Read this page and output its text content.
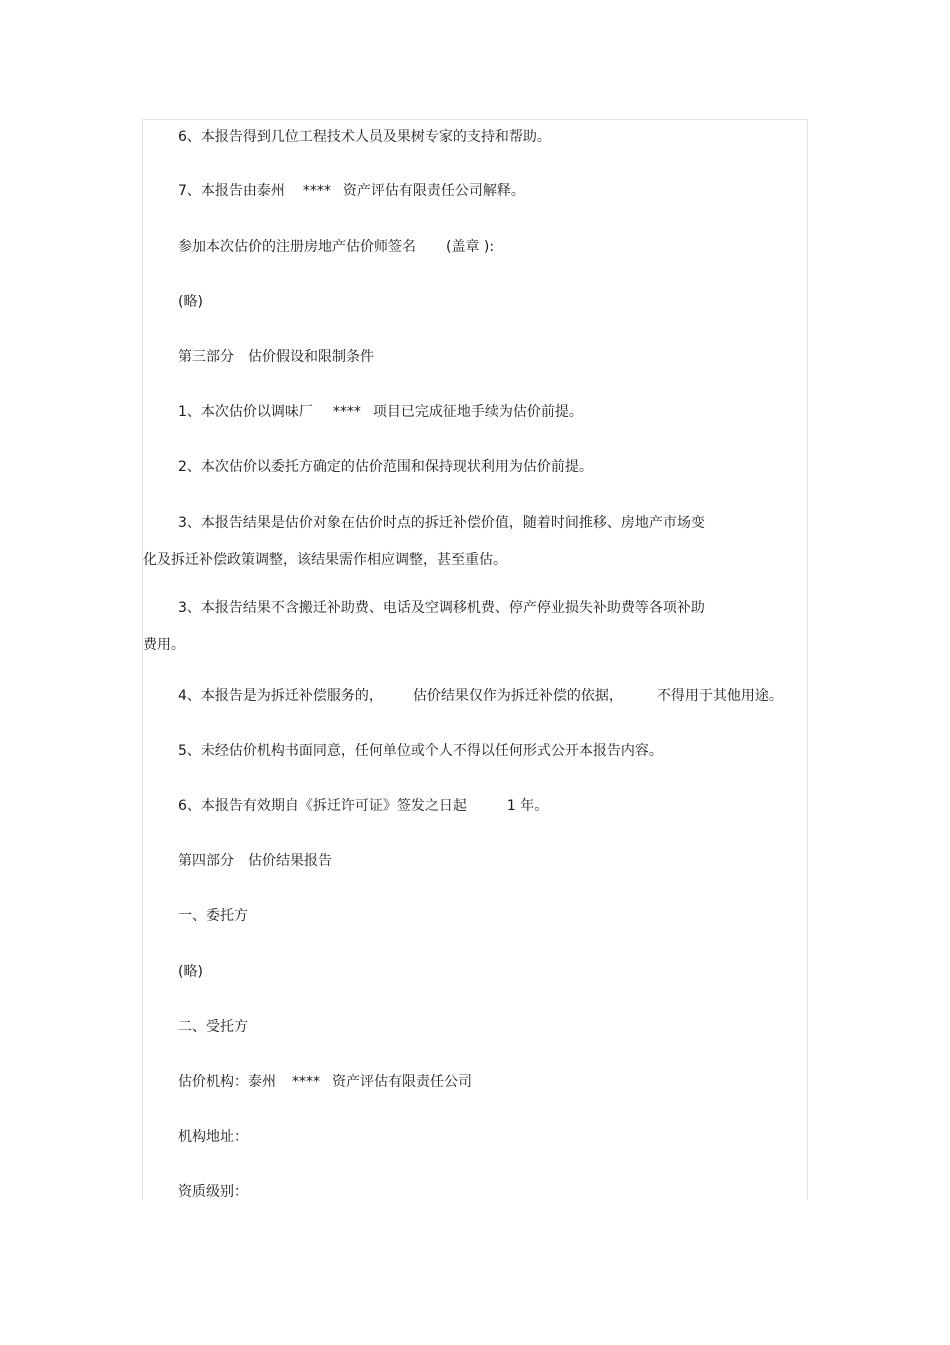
6、本报告得到几位工程技术人员及果树专家的支持和帮助。
7、本报告由泰州 **** 资产评估有限责任公司解释。
参加本次估价的注册房地产估价师签名 (盖章 ):
(略)
第三部分 估价假设和限制条件
1、本次估价以调味厂 **** 项目已完成征地手续为估价前提。
2、本次估价以委托方确定的估价范围和保持现状利用为估价前提。
3、本报告结果是估价对象在估价时点的拆迁补偿价值，随着时间推移、房地产市场变
化及拆迁补偿政策调整，该结果需作相应调整，甚至重估。
3、本报告结果不含搬迁补助费、电话及空调移机费、停产停业损失补助费等各项补助
费用。
4、本报告是为拆迁补偿服务的， 估价结果仅作为拆迁补偿的依据， 不得用于其他用途。
5、未经估价机构书面同意，任何单位或个人不得以任何形式公开本报告内容。
6、本报告有效期自《拆迁许可证》签发之日起	1 年。
第四部分 估价结果报告
一、委托方
(略)
二、受托方
估价机构：泰州 **** 资产评估有限责任公司
机构地址：
资质级别：
